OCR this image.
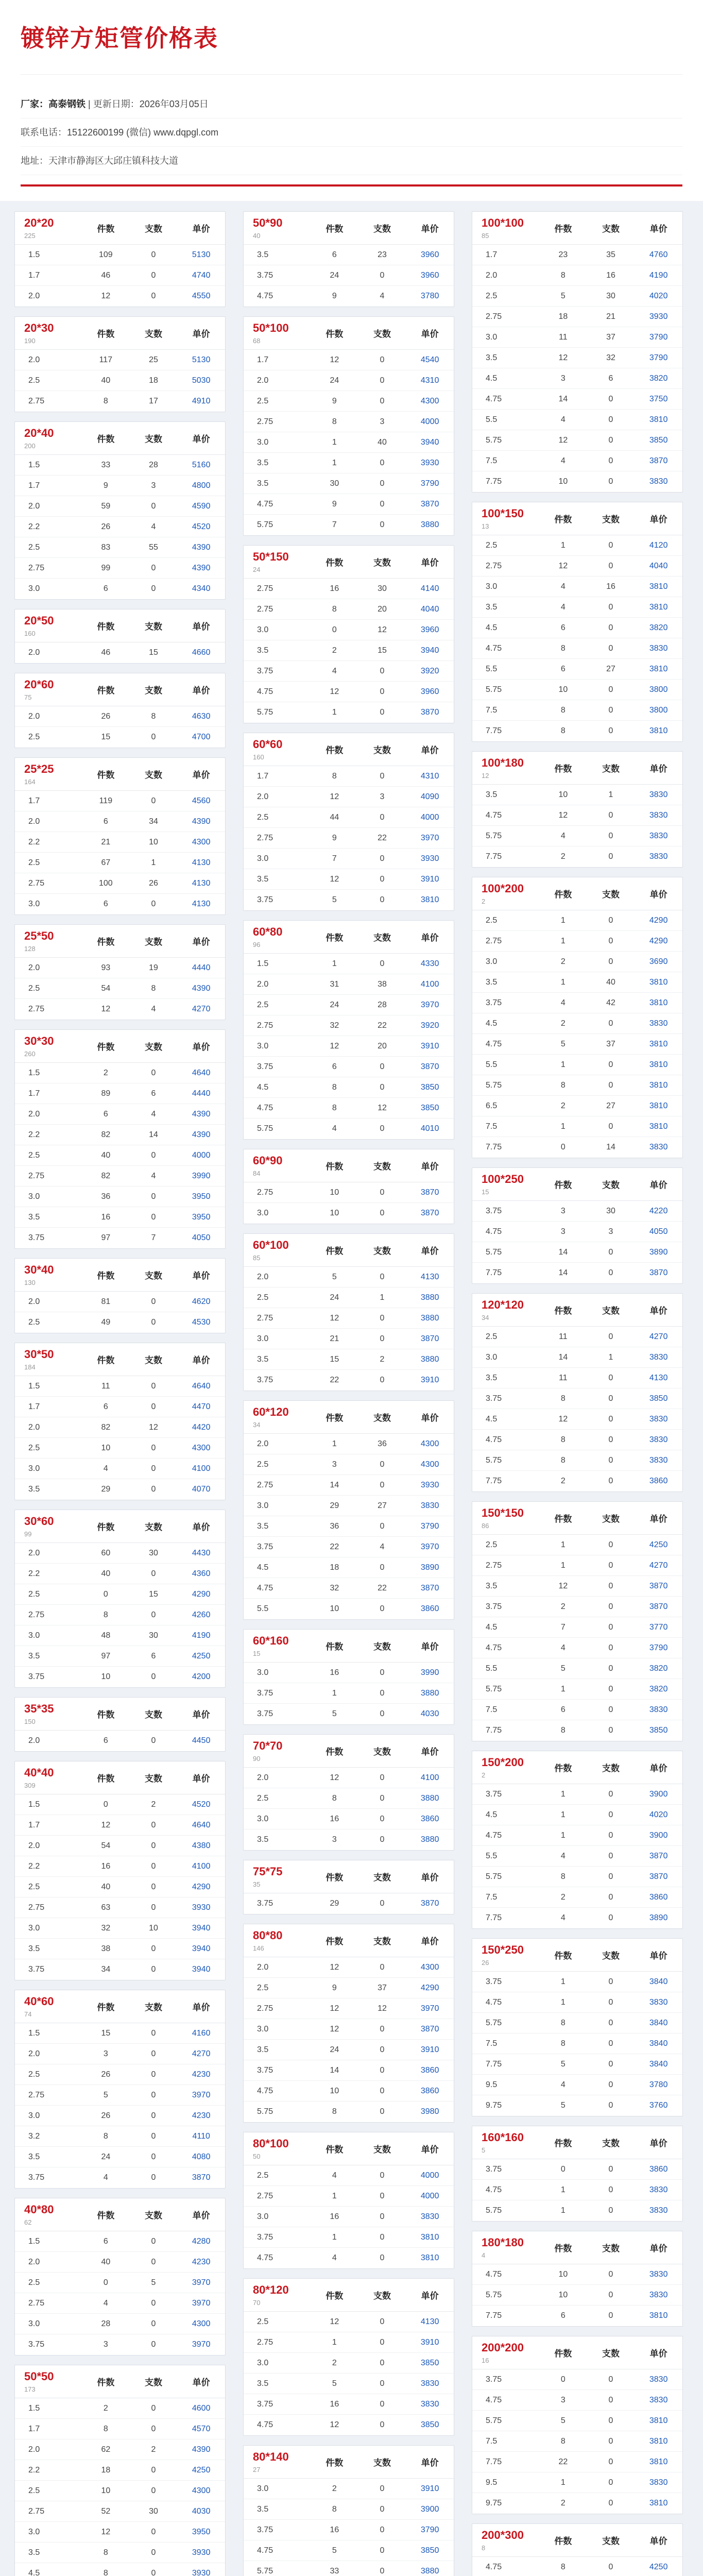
镀锌方矩管价格表
厂家：高泰钢铁 | 更新日期：2026年03月05日
联系电话：15122600199 (微信) www.dqpgl.com
地址：天津市静海区大邱庄镇科技大道
20*20
225
件数	支数	单价
1.5	109	0	5130
1.7	46	0	4740
2.0	12	0	4550
20*30
190
件数	支数	单价
2.0	117	25	5130
2.5	40	18	5030
2.75	8	17	4910
20*40
200
件数	支数	单价
1.5	33	28	5160
1.7	9	3	4800
2.0	59	0	4590
2.2	26	4	4520
2.5	83	55	4390
2.75	99	0	4390
3.0	6	0	4340
20*50
160
件数	支数	单价
2.0	46	15	4660
20*60
75
件数	支数	单价
2.0	26	8	4630
2.5	15	0	4700
25*25
164
件数	支数	单价
1.7	119	0	4560
2.0	6	34	4390
2.2	21	10	4300
2.5	67	1	4130
2.75	100	26	4130
3.0	6	0	4130
25*50
128
件数	支数	单价
2.0	93	19	4440
2.5	54	8	4390
2.75	12	4	4270
30*30
260
件数	支数	单价
1.5	2	0	4640
1.7	89	6	4440
2.0	6	4	4390
2.2	82	14	4390
2.5	40	0	4000
2.75	82	4	3990
3.0	36	0	3950
3.5	16	0	3950
3.75	97	7	4050
30*40
130
件数	支数	单价
2.0	81	0	4620
2.5	49	0	4530
30*50
184
件数	支数	单价
1.5	11	0	4640
1.7	6	0	4470
2.0	82	12	4420
2.5	10	0	4300
3.0	4	0	4100
3.5	29	0	4070
30*60
99
件数	支数	单价
2.0	60	30	4430
2.2	40	0	4360
2.5	0	15	4290
2.75	8	0	4260
3.0	48	30	4190
3.5	97	6	4250
3.75	10	0	4200
35*35
150
件数	支数	单价
2.0	6	0	4450
40*40
309
件数	支数	单价
1.5	0	2	4520
1.7	12	0	4640
2.0	54	0	4380
2.2	16	0	4100
2.5	40	0	4290
2.75	63	0	3930
3.0	32	10	3940
3.5	38	0	3940
3.75	34	0	3940
40*60
74
件数	支数	单价
1.5	15	0	4160
2.0	3	0	4270
2.5	26	0	4230
2.75	5	0	3970
3.0	26	0	4230
3.2	8	0	4110
3.5	24	0	4080
3.75	4	0	3870
40*80
62
件数	支数	单价
1.5	6	0	4280
2.0	40	0	4230
2.5	0	5	3970
2.75	4	0	3970
3.0	28	0	4300
3.75	3	0	3970
50*50
173
件数	支数	单价
1.5	2	0	4600
1.7	8	0	4570
2.0	62	2	4390
2.2	18	0	4250
2.5	10	0	4300
2.75	52	30	4030
3.0	12	0	3950
3.5	8	0	3930
4.5	8	0	3930
50*90
40
件数	支数	单价
3.5	6	23	3960
3.75	24	0	3960
4.75	9	4	3780
50*100
68
件数	支数	单价
1.7	12	0	4540
2.0	24	0	4310
2.5	9	0	4300
2.75	8	3	4000
3.0	1	40	3940
3.5	1	0	3930
3.5	30	0	3790
4.75	9	0	3870
5.75	7	0	3880
50*150
24
件数	支数	单价
2.75	16	30	4140
2.75	8	20	4040
3.0	0	12	3960
3.5	2	15	3940
3.75	4	0	3920
4.75	12	0	3960
5.75	1	0	3870
60*60
160
件数	支数	单价
1.7	8	0	4310
2.0	12	3	4090
2.5	44	0	4000
2.75	9	22	3970
3.0	7	0	3930
3.5	12	0	3910
3.75	5	0	3810
60*80
96
件数	支数	单价
1.5	1	0	4330
2.0	31	38	4100
2.5	24	28	3970
2.75	32	22	3920
3.0	12	20	3910
3.75	6	0	3870
4.5	8	0	3850
4.75	8	12	3850
5.75	4	0	4010
60*90
84
件数	支数	单价
2.75	10	0	3870
3.0	10	0	3870
60*100
85
件数	支数	单价
2.0	5	0	4130
2.5	24	1	3880
2.75	12	0	3880
3.0	21	0	3870
3.5	15	2	3880
3.75	22	0	3910
60*120
34
件数	支数	单价
2.0	1	36	4300
2.5	3	0	4300
2.75	14	0	3930
3.0	29	27	3830
3.5	36	0	3790
3.75	22	4	3970
4.5	18	0	3890
4.75	32	22	3870
5.5	10	0	3860
60*160
15
件数	支数	单价
3.0	16	0	3990
3.75	1	0	3880
3.75	5	0	4030
70*70
90
件数	支数	单价
2.0	12	0	4100
2.5	8	0	3880
3.0	16	0	3860
3.5	3	0	3880
75*75
35
件数	支数	单价
3.75	29	0	3870
80*80
146
件数	支数	单价
2.0	12	0	4300
2.5	9	37	4290
2.75	12	12	3970
3.0	12	0	3870
3.5	24	0	3910
3.75	14	0	3860
4.75	10	0	3860
5.75	8	0	3980
80*100
50
件数	支数	单价
2.5	4	0	4000
2.75	1	0	4000
3.0	16	0	3830
3.75	1	0	3810
4.75	4	0	3810
80*120
70
件数	支数	单价
2.5	12	0	4130
2.75	1	0	3910
3.0	2	0	3850
3.5	5	0	3830
3.75	16	0	3830
4.75	12	0	3850
80*140
27
件数	支数	单价
3.0	2	0	3910
3.5	8	0	3900
3.75	16	0	3790
4.75	5	0	3850
5.75	33	0	3880
100*100
85
件数	支数	单价
1.7	23	35	4760
2.0	8	16	4190
2.5	5	30	4020
2.75	18	21	3930
3.0	11	37	3790
3.5	12	32	3790
4.5	3	6	3820
4.75	14	0	3750
5.5	4	0	3810
5.75	12	0	3850
7.5	4	0	3870
7.75	10	0	3830
100*150
13
件数	支数	单价
2.5	1	0	4120
2.75	12	0	4040
3.0	4	16	3810
3.5	4	0	3810
4.5	6	0	3820
4.75	8	0	3830
5.5	6	27	3810
5.75	10	0	3800
7.5	8	0	3800
7.75	8	0	3810
100*180
12
件数	支数	单价
3.5	10	1	3830
4.75	12	0	3830
5.75	4	0	3830
7.75	2	0	3830
100*200
2
件数	支数	单价
2.5	1	0	4290
2.75	1	0	4290
3.0	2	0	3690
3.5	1	40	3810
3.75	4	42	3810
4.5	2	0	3830
4.75	5	37	3810
5.5	1	0	3810
5.75	8	0	3810
6.5	2	27	3810
7.5	1	0	3810
7.75	0	14	3830
100*250
15
件数	支数	单价
3.75	3	30	4220
4.75	3	3	4050
5.75	14	0	3890
7.75	14	0	3870
120*120
34
件数	支数	单价
2.5	11	0	4270
3.0	14	1	3830
3.5	11	0	4130
3.75	8	0	3850
4.5	12	0	3830
4.75	8	0	3830
5.75	8	0	3830
7.75	2	0	3860
150*150
86
件数	支数	单价
2.5	1	0	4250
2.75	1	0	4270
3.5	12	0	3870
3.75	2	0	3870
4.5	7	0	3770
4.75	4	0	3790
5.5	5	0	3820
5.75	1	0	3820
7.5	6	0	3830
7.75	8	0	3850
150*200
2
件数	支数	单价
3.75	1	0	3900
4.5	1	0	4020
4.75	1	0	3900
5.5	4	0	3870
5.75	8	0	3870
7.5	2	0	3860
7.75	4	0	3890
150*250
26
件数	支数	单价
3.75	1	0	3840
4.75	1	0	3830
5.75	8	0	3840
7.5	8	0	3840
7.75	5	0	3840
9.5	4	0	3780
9.75	5	0	3760
160*160
5
件数	支数	单价
3.75	0	0	3860
4.75	1	0	3830
5.75	1	0	3830
180*180
4
件数	支数	单价
4.75	10	0	3830
5.75	10	0	3830
7.75	6	0	3810
200*200
16
件数	支数	单价
3.75	0	0	3830
4.75	3	0	3830
5.75	5	0	3810
7.5	8	0	3810
7.75	22	0	3810
9.5	1	0	3830
9.75	2	0	3810
200*300
8
件数	支数	单价
4.75	8	0	4250
